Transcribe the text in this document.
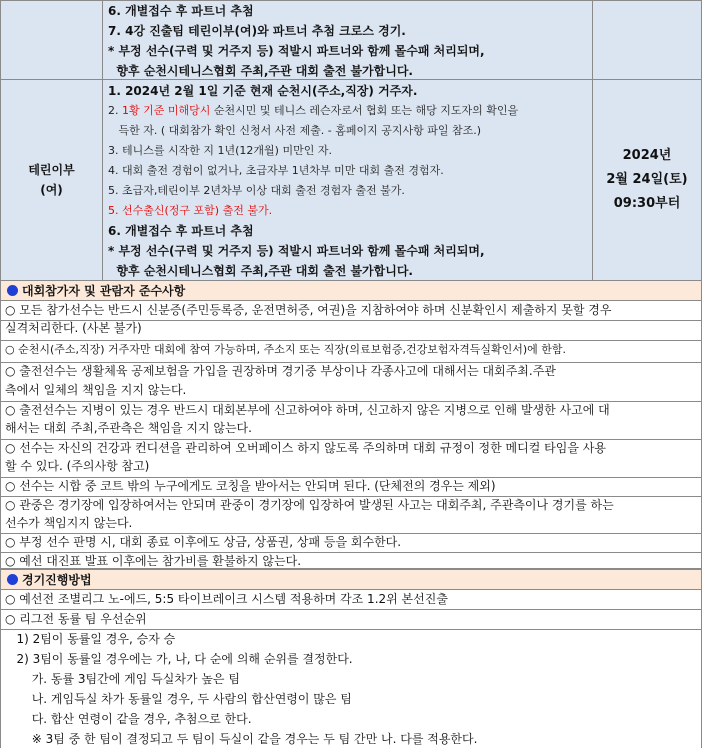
6. 개별접수 후 파트너 추첨
7. 4강 진출팀 테린이부(여)와 파트너 추첨 크로스 경기.
* 부정 선수(구력 및 거주지 등) 적발시 파트너와 함께 몰수패 처리되며,
향후 순천시테니스협회 주최,주관 대회 출전 불가합니다.
테린이부
(여)
1. 2024년 2월 1일 기준 현재 순천시(주소,직장) 거주자.
2. 1황 기준 미해당시 순천시민 및 테니스 레슨자로서 협회 또는 해당 지도자의 확인을
득한 자. ( 대회참가 확인 신청서 사전 제출. - 홈페이지 공지사항 파일 참조.)
3. 테니스를 시작한 지 1년(12개월) 미만인 자.
4. 대회 출전 경험이 없거나, 초급자부 1년차부 미만 대회 출전 경험자.
5. 초급자,테린이부 2년차부 이상 대회 출전 경험자 출전 불가.
5. 선수출신(정구 포함) 출전 불가.
6. 개별접수 후 파트너 추첨
* 부정 선수(구력 및 거주지 등) 적발시 파트너와 함께 몰수패 처리되며,
향후 순천시테니스협회 주최,주관 대회 출전 불가합니다.
2024년
2월 24일(토)
09:30부터
대회참가자 및 관람자 준수사항
○ 모든 참가선수는 반드시 신분증(주민등록증, 운전면허증, 여권)을 지참하여야 하며 신분확인시 제출하지 못할 경우
실격처리한다. (사본 불가)
○ 순천시(주소,직장) 거주자만 대회에 참여 가능하며, 주소지 또는 직장(의료보험증,건강보험자격득실확인서)에 한함.
○ 출전선수는 생활체육 공제보험을 가입을 권장하며 경기중 부상이나 각종사고에 대해서는 대회주최.주관
측에서 일체의 책임을 지지 않는다.
○ 출전선수는 지병이 있는 경우 반드시 대회본부에 신고하여야 하며, 신고하지 않은 지병으로 인해 발생한 사고에 대
해서는 대회 주최,주관측은 책임을 지지 않는다.
○ 선수는 자신의 건강과 컨디션을 관리하여 오버페이스 하지 않도록 주의하며 대회 규정이 정한 메디컬 타임을 사용
할 수 있다. (주의사항 참고)
○ 선수는 시합 중 코트 밖의 누구에게도 코칭을 받아서는 안되며 된다. (단체전의 경우는 제외)
○ 관중은 경기장에 입장하여서는 안되며 관중이 경기장에 입장하여 발생된 사고는 대회주최, 주관측이나 경기를 하는
선수가 책임지지 않는다.
○ 부정 선수 판명 시, 대회 종료 이후에도 상금, 상품권, 상패 등을 회수한다.
○ 예선 대진표 발표 이후에는 참가비를 환불하지 않는다.
경기진행방법
○ 예선전 조별리그 노-에드, 5:5 타이브레이크 시스템 적용하며 각조 1.2위 본선진출
○ 리그전 동률 팀 우선순위
1) 2팀이 동률일 경우, 승자 승
2) 3팀이 동률일 경우에는 가, 나, 다 순에 의해 순위를 결정한다.
가. 동률 3팀간에 게임 득실차가 높은 팀
나. 게임득실 차가 동률일 경우, 두 사람의 합산연령이 많은 팀
다. 합산 연령이 같을 경우, 추첨으로 한다.
※ 3팀 중 한 팀이 결정되고 두 팀이 득실이 같을 경우는 두 팀 간만 나. 다를 적용한다.
